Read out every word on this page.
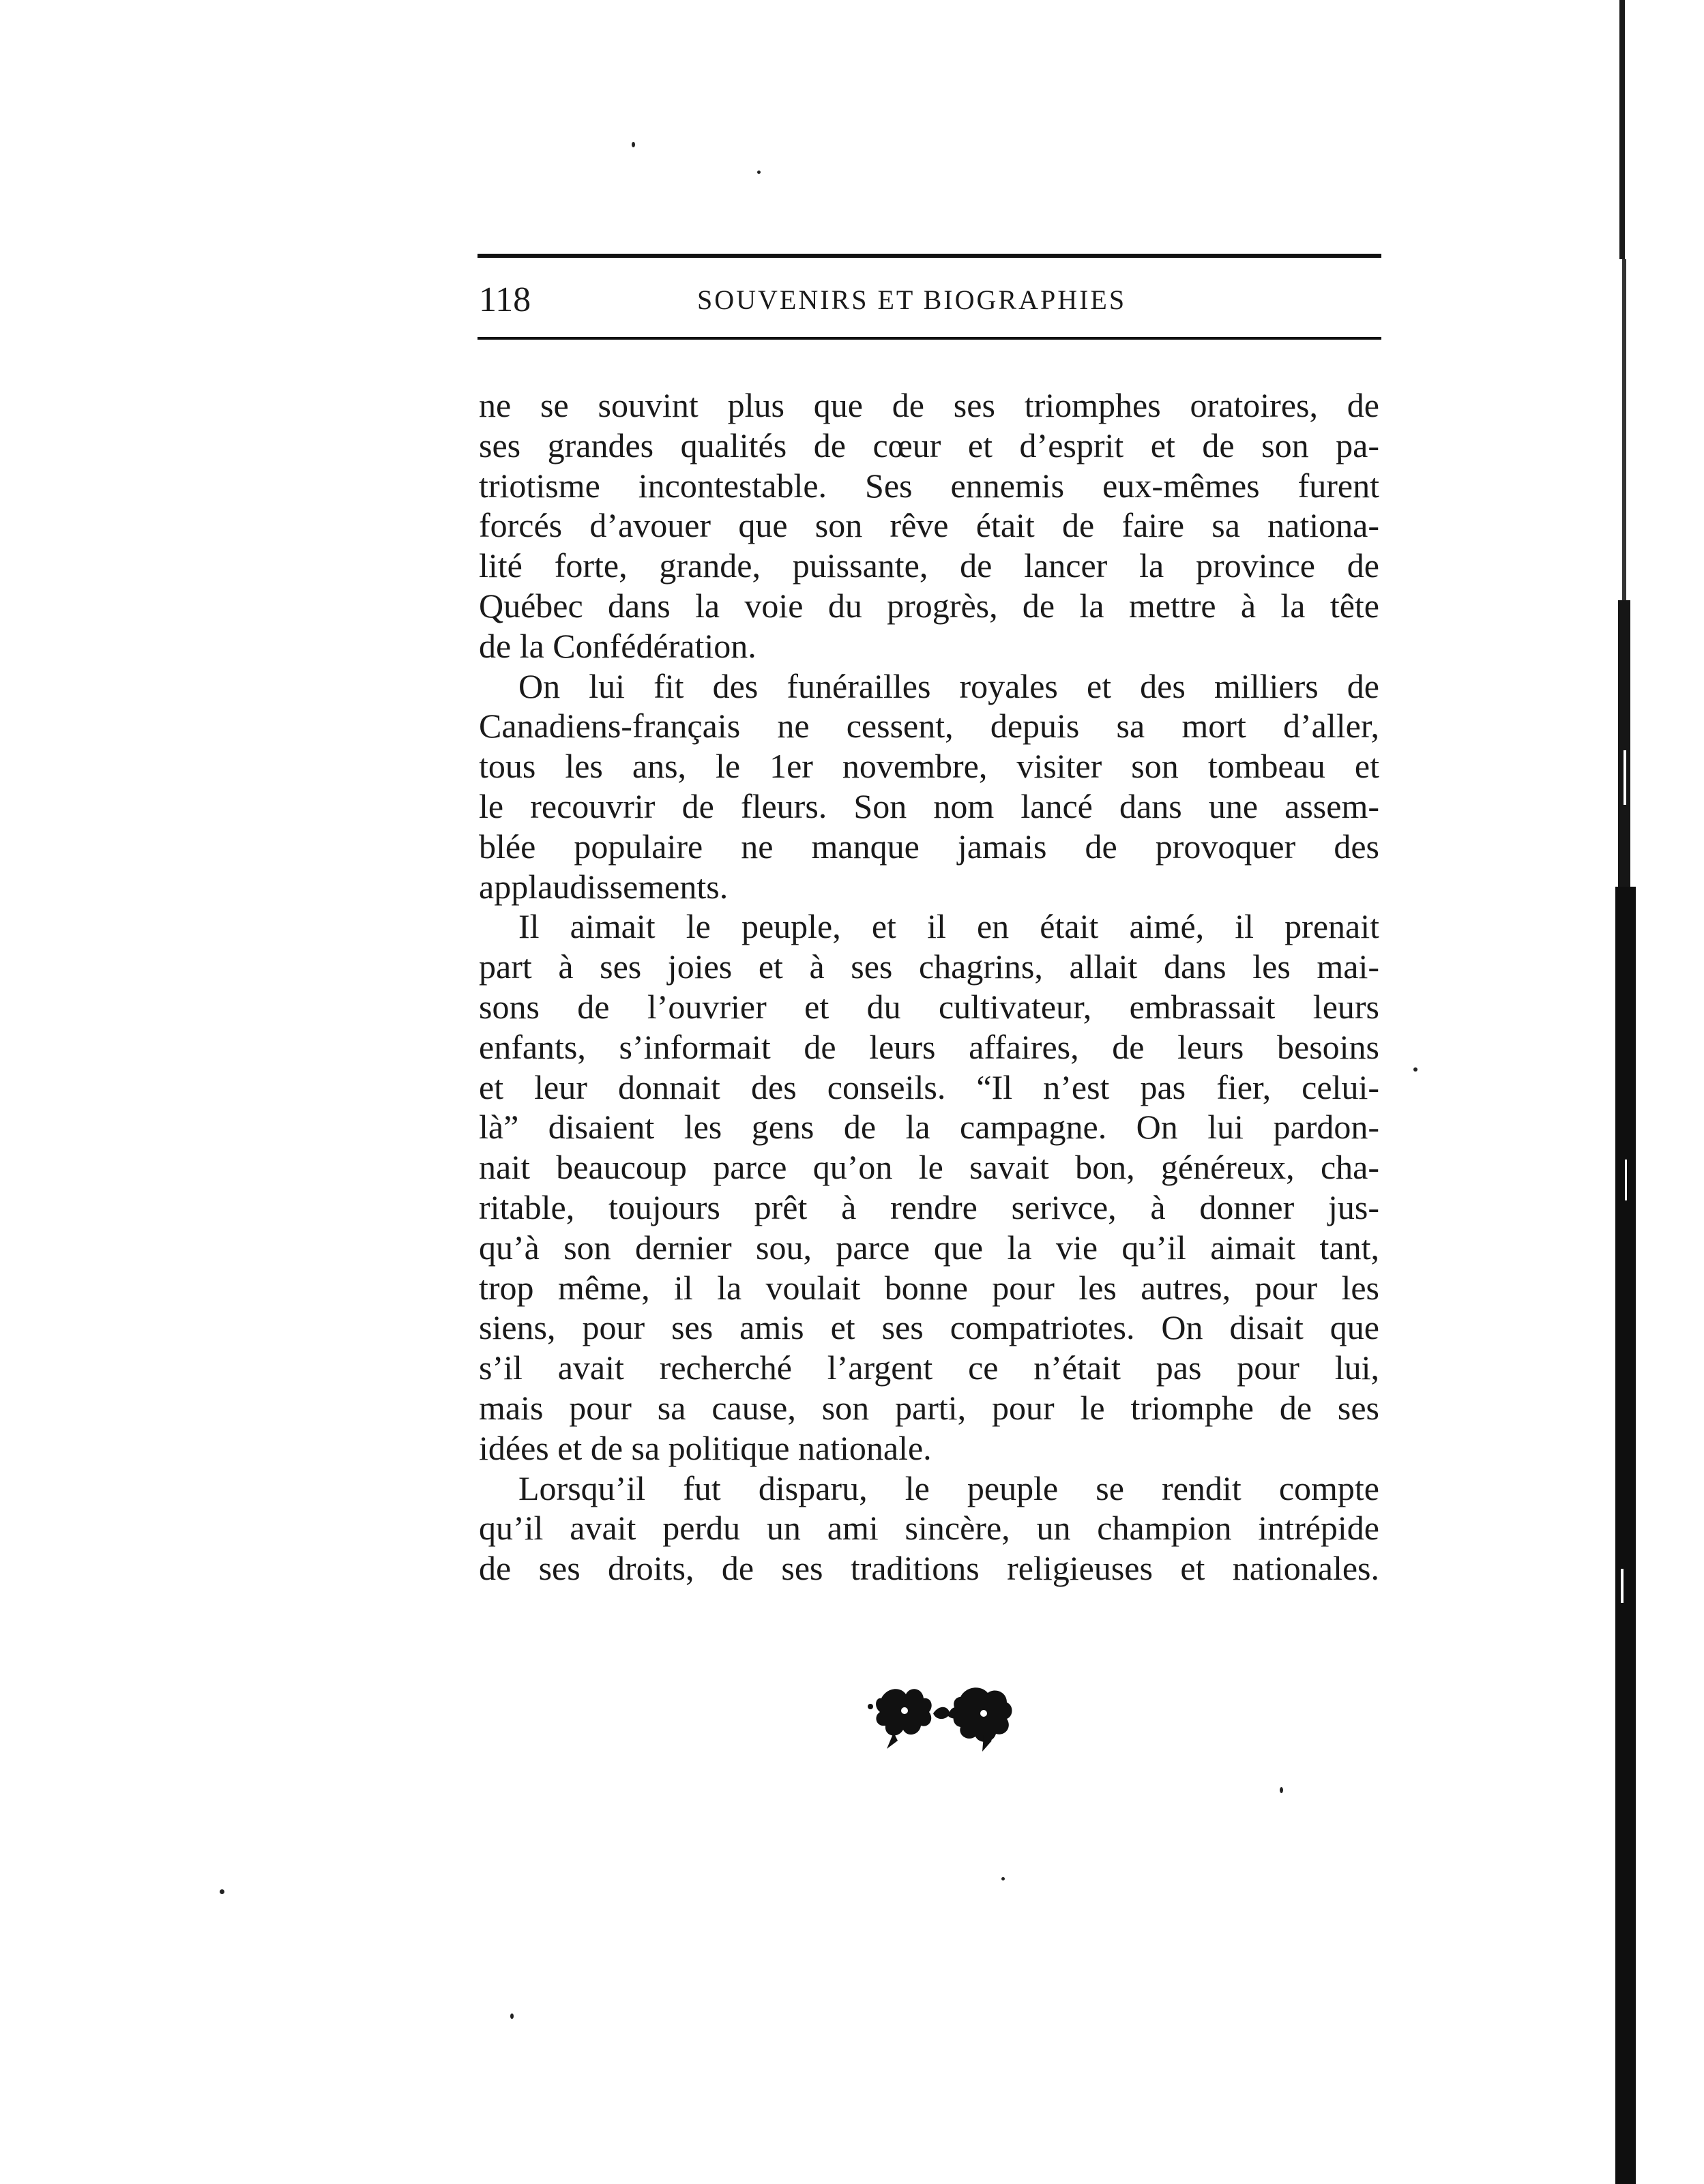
118	SOUVENIRS ET BIOGRAPHIES
ne se souvint plus que de ses triomphes oratoires, de
ses grandes qualités de cœur et d’esprit et de son pa-
triotisme incontestable. Ses ennemis eux-mêmes furent
forcés d’avouer que son rêve était de faire sa nationa-
lité forte, grande, puissante, de lancer la province de
Québec dans la voie du progrès, de la mettre à la tête
de la Confédération.
On lui fit des funérailles royales et des milliers de
Canadiens-français ne cessent, depuis sa mort d’aller,
tous les ans, le 1er novembre, visiter son tombeau et
le recouvrir de fleurs. Son nom lancé dans une assem-
blée populaire ne manque jamais de provoquer des
applaudissements.
Il aimait le peuple, et il en était aimé, il prenait
part à ses joies et à ses chagrins, allait dans les mai-
sons de l’ouvrier et du cultivateur, embrassait leurs
enfants, s’informait de leurs affaires, de leurs besoins
et leur donnait des conseils. “Il n’est pas fier, celui-
là” disaient les gens de la campagne. On lui pardon-
nait beaucoup parce qu’on le savait bon, généreux, cha-
ritable, toujours prêt à rendre serivce, à donner jus-
qu’à son dernier sou, parce que la vie qu’il aimait tant,
trop même, il la voulait bonne pour les autres, pour les
siens, pour ses amis et ses compatriotes. On disait que
s’il avait recherché l’argent ce n’était pas pour lui,
mais pour sa cause, son parti, pour le triomphe de ses
idées et de sa politique nationale.
Lorsqu’il fut disparu, le peuple se rendit compte
qu’il avait perdu un ami sincère, un champion intrépide
de ses droits, de ses traditions religieuses et nationales.
